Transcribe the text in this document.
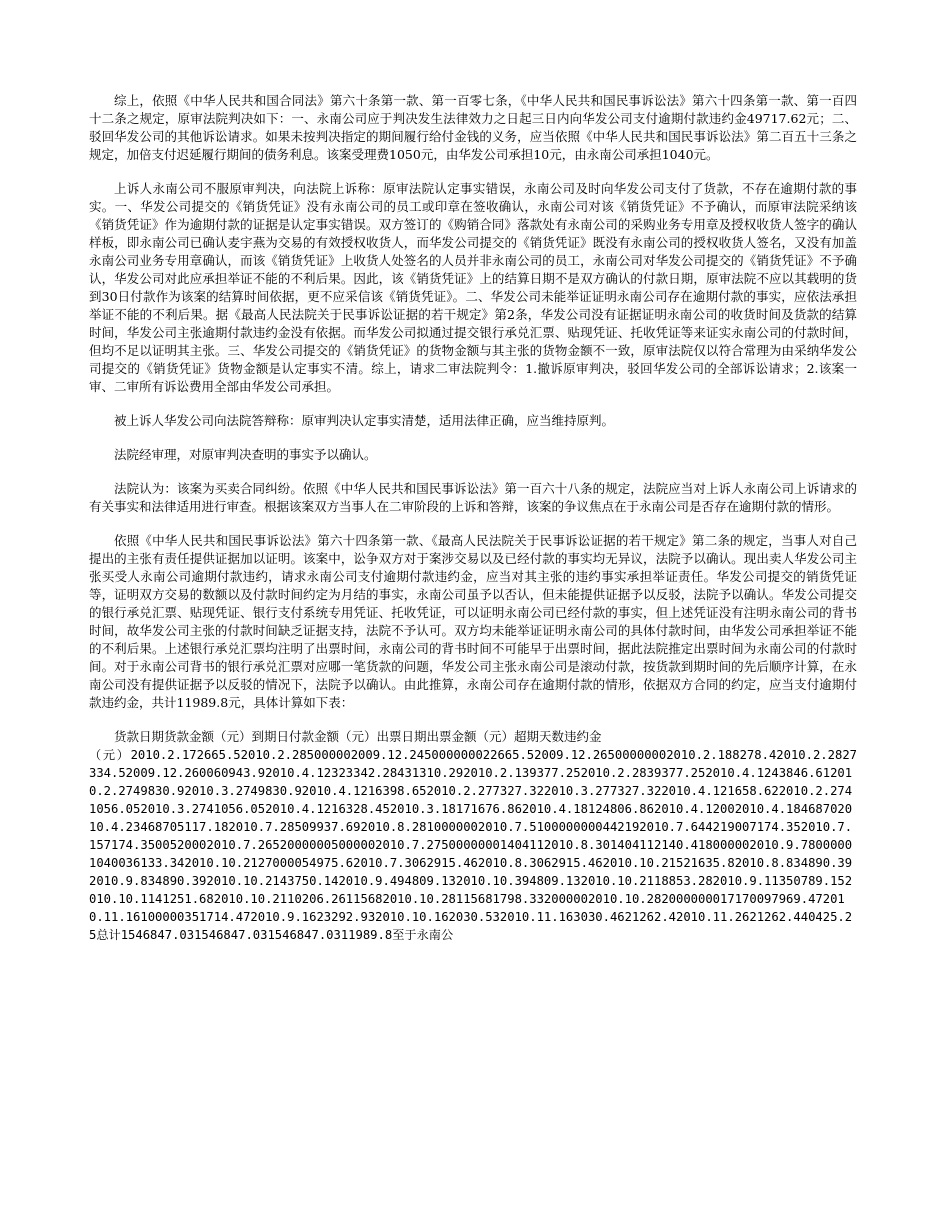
综上，依照《中华人民共和国合同法》第六十条第一款、第一百零七条，《中华人民共和国民事诉讼法》第六十四条第一款、第一百四十二条之规定，原审法院判决如下：一、永南公司应于判决发生法律效力之日起三日内向华发公司支付逾期付款违约金49717.62元；二、驳回华发公司的其他诉讼请求。如果未按判决指定的期间履行给付金钱的义务，应当依照《中华人民共和国民事诉讼法》第二百五十三条之规定，加倍支付迟延履行期间的债务利息。该案受理费1050元，由华发公司承担10元，由永南公司承担1040元。

上诉人永南公司不服原审判决，向法院上诉称：原审法院认定事实错误，永南公司及时向华发公司支付了货款，不存在逾期付款的事实。一、华发公司提交的《销货凭证》没有永南公司的员工或印章在签收确认，永南公司对该《销货凭证》不予确认，而原审法院采纳该《销货凭证》作为逾期付款的证据是认定事实错误。双方签订的《购销合同》落款处有永南公司的采购业务专用章及授权收货人签字的确认样板，即永南公司已确认麦宇燕为交易的有效授权收货人，而华发公司提交的《销货凭证》既没有永南公司的授权收货人签名，又没有加盖永南公司业务专用章确认，而该《销货凭证》上收货人处签名的人员并非永南公司的员工，永南公司对华发公司提交的《销货凭证》不予确认，华发公司对此应承担举证不能的不利后果。因此，该《销货凭证》上的结算日期不是双方确认的付款日期，原审法院不应以其载明的货到30日付款作为该案的结算时间依据，更不应采信该《销货凭证》。二、华发公司未能举证证明永南公司存在逾期付款的事实，应依法承担举证不能的不利后果。据《最高人民法院关于民事诉讼证据的若干规定》第2条，华发公司没有证据证明永南公司的收货时间及货款的结算时间，华发公司主张逾期付款违约金没有依据。而华发公司拟通过提交银行承兑汇票、贴现凭证、托收凭证等来证实永南公司的付款时间，但均不足以证明其主张。三、华发公司提交的《销货凭证》的货物金额与其主张的货物金额不一致，原审法院仅以符合常理为由采纳华发公司提交的《销货凭证》货物金额是认定事实不清。综上，请求二审法院判令：1.撤诉原审判决，驳回华发公司的全部诉讼请求；2.该案一审、二审所有诉讼费用全部由华发公司承担。

被上诉人华发公司向法院答辩称：原审判决认定事实清楚，适用法律正确，应当维持原判。

法院经审理，对原审判决查明的事实予以确认。

法院认为：该案为买卖合同纠纷。依照《中华人民共和国民事诉讼法》第一百六十八条的规定，法院应当对上诉人永南公司上诉请求的有关事实和法律适用进行审查。根据该案双方当事人在二审阶段的上诉和答辩，该案的争议焦点在于永南公司是否存在逾期付款的情形。

依照《中华人民共和国民事诉讼法》第六十四条第一款、《最高人民法院关于民事诉讼证据的若干规定》第二条的规定，当事人对自己提出的主张有责任提供证据加以证明。该案中，讼争双方对于案涉交易以及已经付款的事实均无异议，法院予以确认。现出卖人华发公司主张买受人永南公司逾期付款违约，请求永南公司支付逾期付款违约金，应当对其主张的违约事实承担举证责任。华发公司提交的销货凭证等，证明双方交易的数额以及付款时间约定为月结的事实，永南公司虽予以否认，但未能提供证据予以反驳，法院予以确认。华发公司提交的银行承兑汇票、贴现凭证、银行支付系统专用凭证、托收凭证，可以证明永南公司已经付款的事实，但上述凭证没有注明永南公司的背书时间，故华发公司主张的付款时间缺乏证据支持，法院不予认可。双方均未能举证证明永南公司的具体付款时间，由华发公司承担举证不能的不利后果。上述银行承兑汇票均注明了出票时间，永南公司的背书时间不可能早于出票时间，据此法院推定出票时间为永南公司的付款时间。对于永南公司背书的银行承兑汇票对应哪一笔货款的问题，华发公司主张永南公司是滚动付款，按货款到期时间的先后顺序计算，在永南公司没有提供证据予以反驳的情况下，法院予以确认。由此推算，永南公司存在逾期付款的情形，依据双方合同的约定，应当支付逾期付款违约金，共计11989.8元，具体计算如下表：

货款日期货款金额（元）到期日付款金额（元）出票日期出票金额（元）超期天数违约金

（元）2010.2.172665.52010.2.28500000​2009.12.24500000​0022665.52009.12.2650000000​2010.2.188278.42010.2.2827334.52009.12.2600​60943.92010.4.12323342.2843131​0.292010.2.139377.252010.2.2839377.252010.4.1243846.612010.2.2749830.92010.3.2749830.92010.4.1216398.652010.2.277327.322010.3.277327.322010.4.121658.622010.2.2741056.052010.3.2741056.052010.4.1216328.452010.3.18171676.862010.4.18124806.862010.4.12002010.4.18468702010.4.23468705117.182010.7.28509937.692010.8.281000000​2010.7.510000000​0442192010.7.644219007174.352010.7.157174.3500520002010.7.2652000000​5000002010.7.2750000000​1404112010.8.301404112140.41800000​2010.9.7800000​1040036133.342010.10.2127000054975.62010.7.3062915.462010.8.3062915.462010.10.21521635.82010.8.834890.392010.9.834890.392010.10.2143750.142010.9.494809.132010.10.394809.132010.10.2118853.282010.9.11350789.152010.10.1141251.682010.10.2110206.26115682010.10.28115681798.332000002010.10.2820000000​17170097969.472010.11.1610000035​1714.472010.9.1623292.932010.10.162030.532010.11.163030.4621262.42010.11.2621262.440425.25总计1546847.031546847.031546847.0311989.8至于永南公
